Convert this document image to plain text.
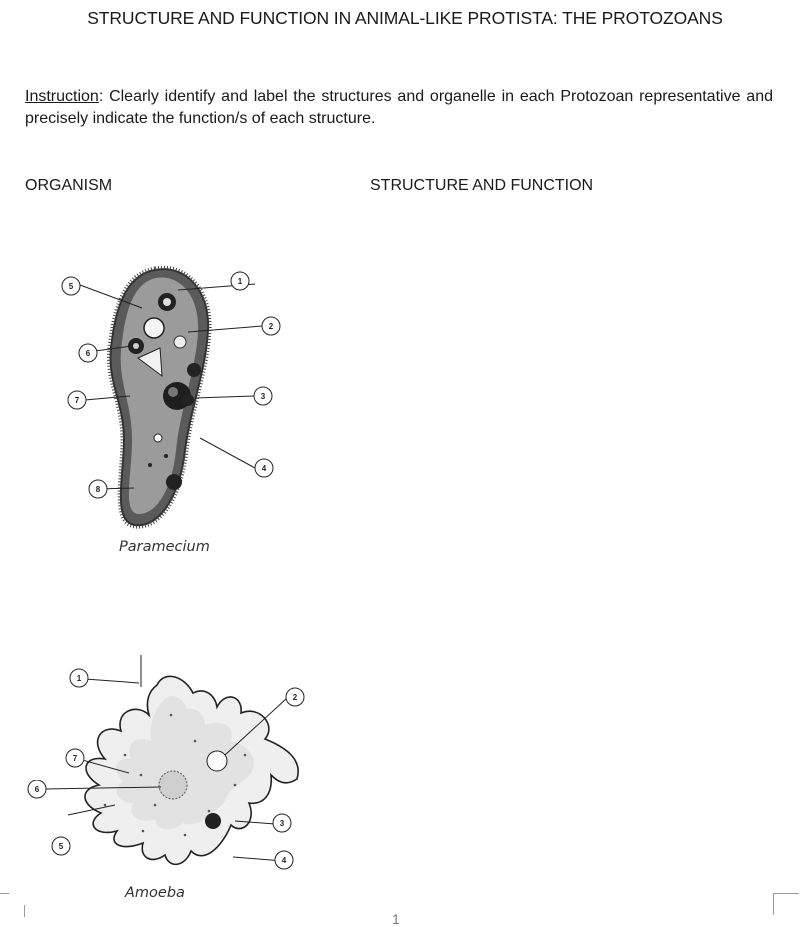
STRUCTURE AND FUNCTION IN ANIMAL-LIKE PROTISTA: THE PROTOZOANS
Instruction: Clearly identify and label the structures and organelle in each Protozoan representative and precisely indicate the function/s of each structure.
ORGANISM	STRUCTURE AND FUNCTION
1
2
3
4
5
6
7
8
Paramecium
1
2
3
4
5
7
6
Amoeba
1
